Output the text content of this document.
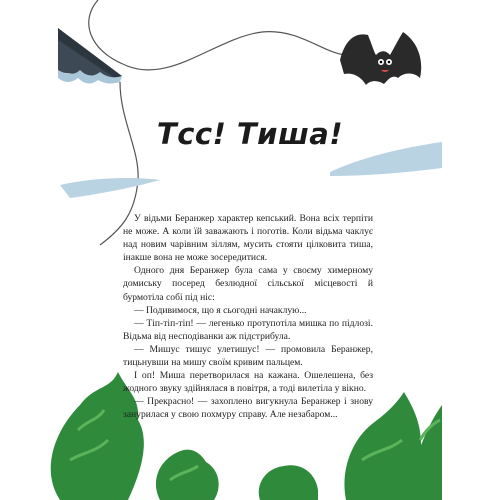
Тсс! Тиша!

У відьми Беранжер характер кепський. Вона всіх терпіти не може. А коли їй заважають і поготів. Коли відьма чаклує над новим чарівним зіллям, мусить стояти цілковита тиша, інакше вона не може зосередитися.

Одного дня Беранжер була сама у своєму химерному домиську посеред безлюдної сільської місцевості й бурмотіла собі під ніс:

— Подивимося, що я сьогодні начаклую...

— Тіп-тіп-тіп! — легенько протупотіла мишка по підлозі. Відьма від несподіванки аж підстрибула.

— Мишус тишус улетишус! — промовила Беранжер, тицьнувши на мишу своїм кривим пальцем.

І оп! Миша перетворилася на кажана. Ошелешена, без жодного звуку здійнялася в повітря, а тоді вилетіла у вікно.

— Прекрасно! — захоплено вигукнула Беранжер і знову занурилася у свою похмуру справу. Але незабаром...
